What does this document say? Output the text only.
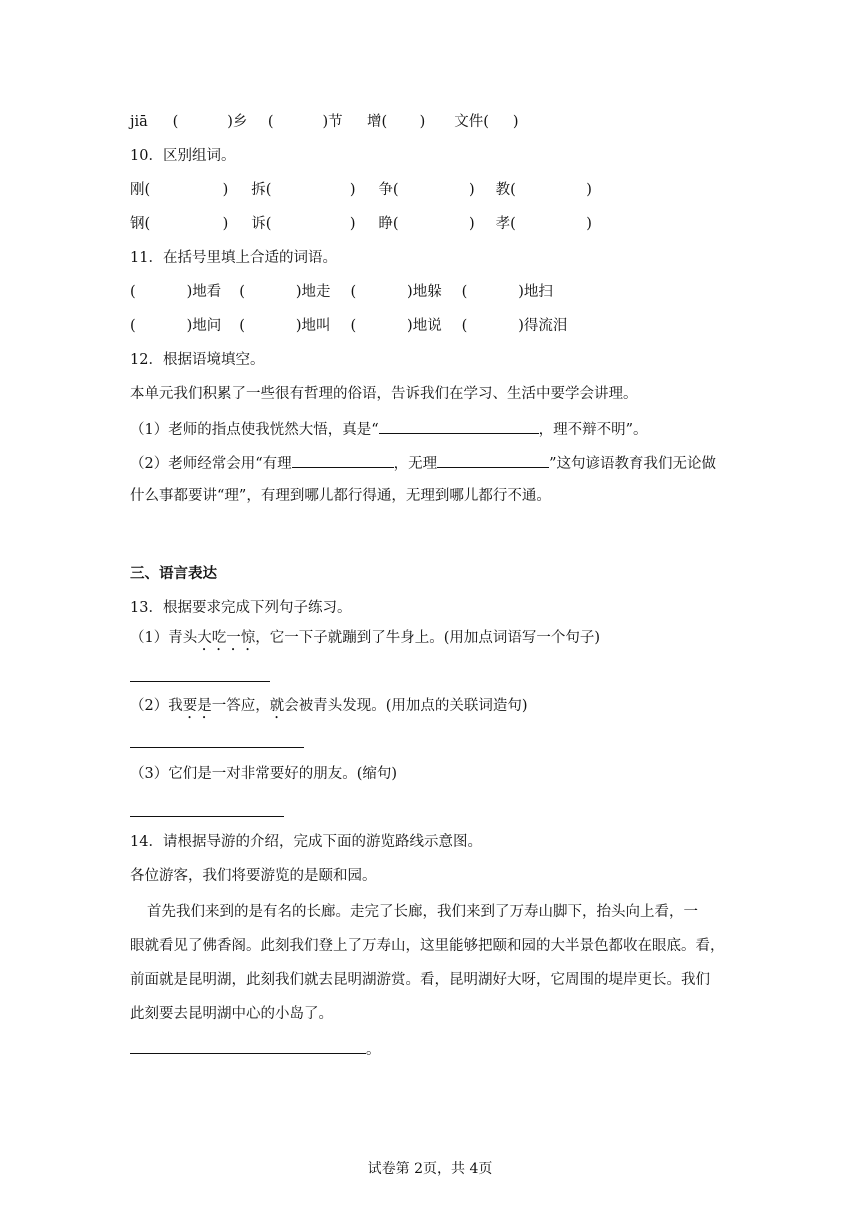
jiā (	)乡 (	)节 增( ) 文件( )
10．区别组词。
刚(	) 拆(	) 争(	) 教(	)
钢(	) 诉(	) 睁(	) 孝(	)
11．在括号里填上合适的词语。
(	)地看 (	)地走 (	)地躲 (	)地扫
(	)地问 (	)地叫 (	)地说 (	)得流泪
12．根据语境填空。
本单元我们积累了一些很有哲理的俗语，告诉我们在学习、生活中要学会讲理。
（1）老师的指点使我恍然大悟，真是“	，理不辩不明”。
（2）老师经常会用“有理	，无理	”这句谚语教育我们无论做
什么事都要讲“理”，有理到哪儿都行得通，无理到哪儿都行不通。
三、语言表达
13．根据要求完成下列句子练习。
（1）青头大吃一惊，它一下子就蹦到了牛身上。(用加点词语写一个句子)
（2）我要是一答应，就会被青头发现。(用加点的关联词造句)
（3）它们是一对非常要好的朋友。(缩句)
14．请根据导游的介绍，完成下面的游览路线示意图。
各位游客，我们将要游览的是颐和园。
首先我们来到的是有名的长廊。走完了长廊，我们来到了万寿山脚下，抬头向上看，一
眼就看见了佛香阁。此刻我们登上了万寿山，这里能够把颐和园的大半景色都收在眼底。看，
前面就是昆明湖，此刻我们就去昆明湖游赏。看，昆明湖好大呀，它周围的堤岸更长。我们
此刻要去昆明湖中心的小岛了。
。
试卷第 2页，共 4页
